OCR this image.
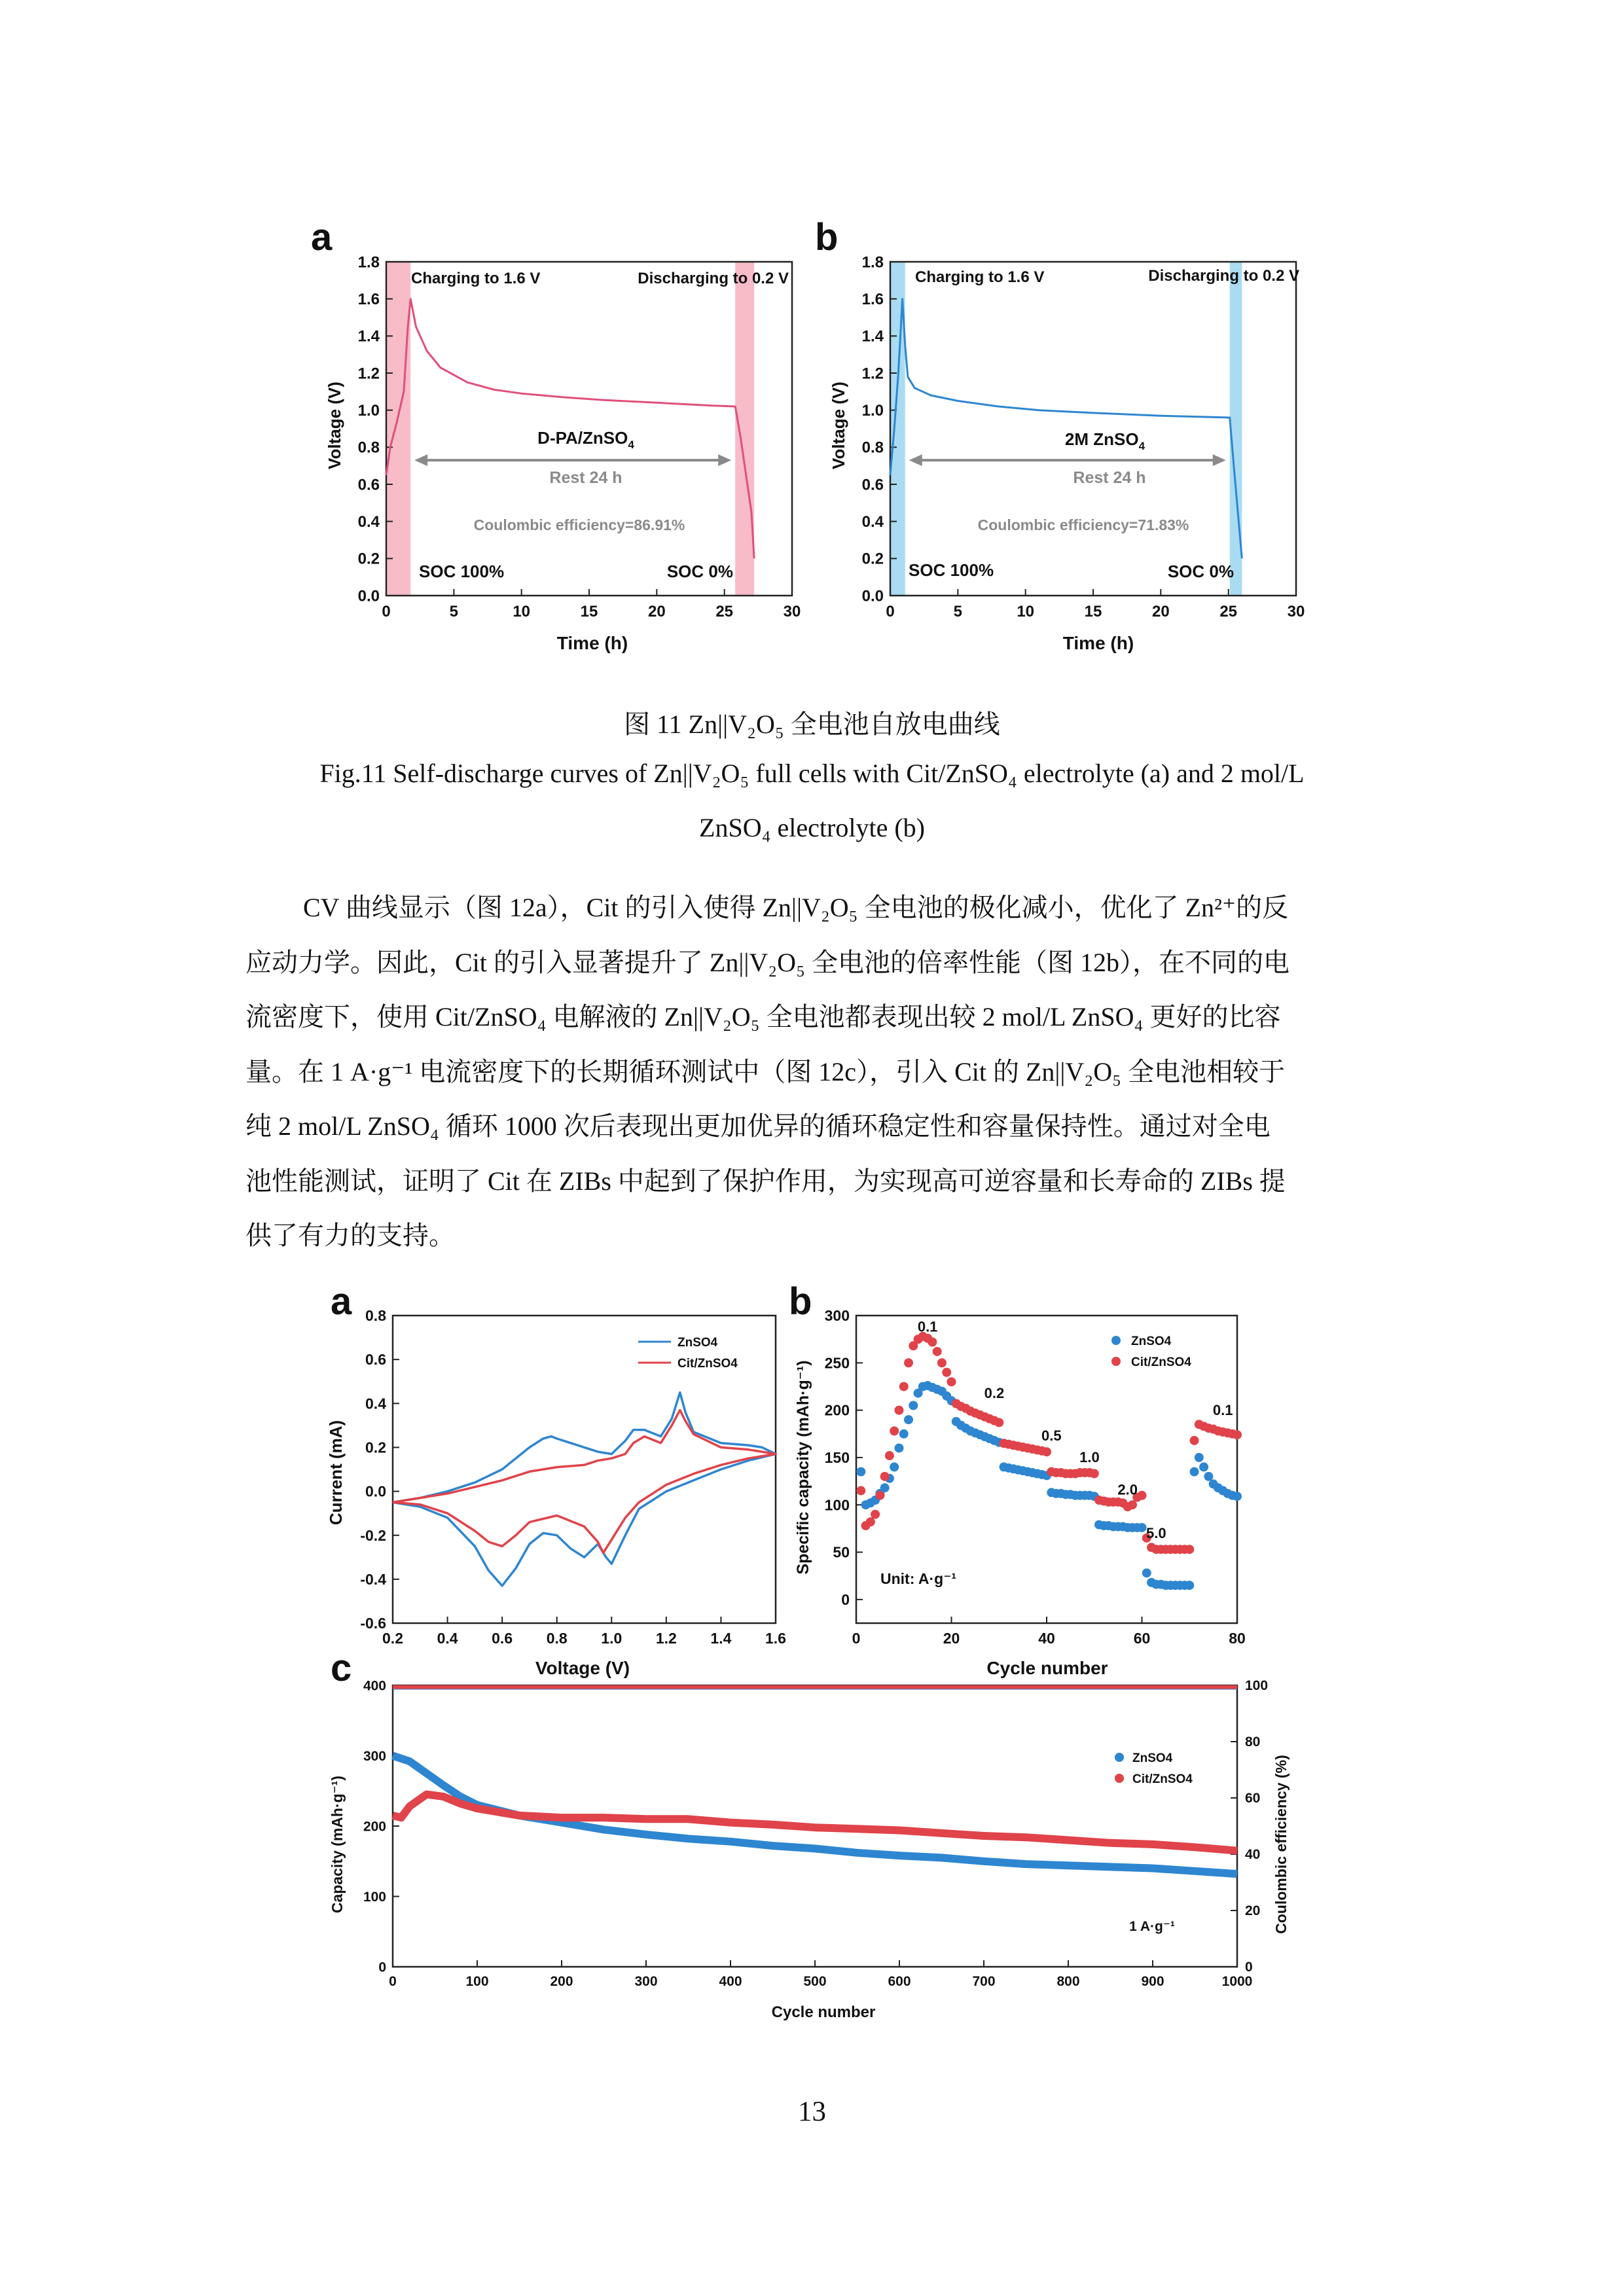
a
0	5	10	15	20	25	30
0.0
0.2
0.4
0.6
0.8
1.0
1.2
1.4
1.6
1.8
Voltage (V)
Time (h)
Charging to 1.6 V	Discharging to 0.2 V
D-PA/ZnSO$_4$
Rest 24 h
Coulombic efficiency=86.91%
SOC 100%	SOC 0%
b
0	5	10	15	20	25	30
0.0
0.2
0.4
0.6
0.8
1.0
1.2
1.4
1.6
1.8
Voltage (V)
Time (h)
Charging to 1.6 V	Discharging to 0.2 V
2M ZnSO$_4$
Rest 24 h
Coulombic efficiency=71.83%
SOC 100%	SOC 0%
图 11 Zn||V₂O₅ 全电池自放电曲线
Fig.11 Self-discharge curves of Zn||V₂O₅ full cells with Cit/ZnSO₄ electrolyte (a) and 2 mol/L
ZnSO₄ electrolyte (b)
CV 曲线显示（图 12a），Cit 的引入使得 Zn||V₂O₅ 全电池的极化减小，优化了 Zn²⁺的反
应动力学。因此，Cit 的引入显著提升了 Zn||V₂O₅ 全电池的倍率性能（图 12b），在不同的电
流密度下，使用 Cit/ZnSO₄ 电解液的 Zn||V₂O₅ 全电池都表现出较 2 mol/L ZnSO₄ 更好的比容
量。在 1 A·g⁻¹ 电流密度下的长期循环测试中（图 12c），引入 Cit 的 Zn||V₂O₅ 全电池相较于
纯 2 mol/L ZnSO₄ 循环 1000 次后表现出更加优异的循环稳定性和容量保持性。通过对全电
池性能测试，证明了 Cit 在 ZIBs 中起到了保护作用，为实现高可逆容量和长寿命的 ZIBs 提
供了有力的支持。
a
0.2 0.4 0.6 0.8 1.0 1.2 1.4 1.6
-0.6
-0.4
-0.2
0.0
0.2
0.4
0.6
0.8
ZnSO4
Cit/ZnSO4
Current (mA)
Voltage (V)
b
0	20	40	60	80
0
50
100
150
200
250
300
0.1
0.2
0.5
1.0
2.0
5.0
0.1
ZnSO4
Cit/ZnSO4
Specific capacity (mAh·g⁻¹)
Cycle number
Unit: A·g⁻¹
c
0	100	200	300	400	500	600	700	800	900	1000
0
100
200
300
400
0
20
40
60
80
100
ZnSO4
Cit/ZnSO4
Capacity (mAh·g⁻¹)	Coulombic efficiency (%)
Cycle number
1 A·g⁻¹
13
